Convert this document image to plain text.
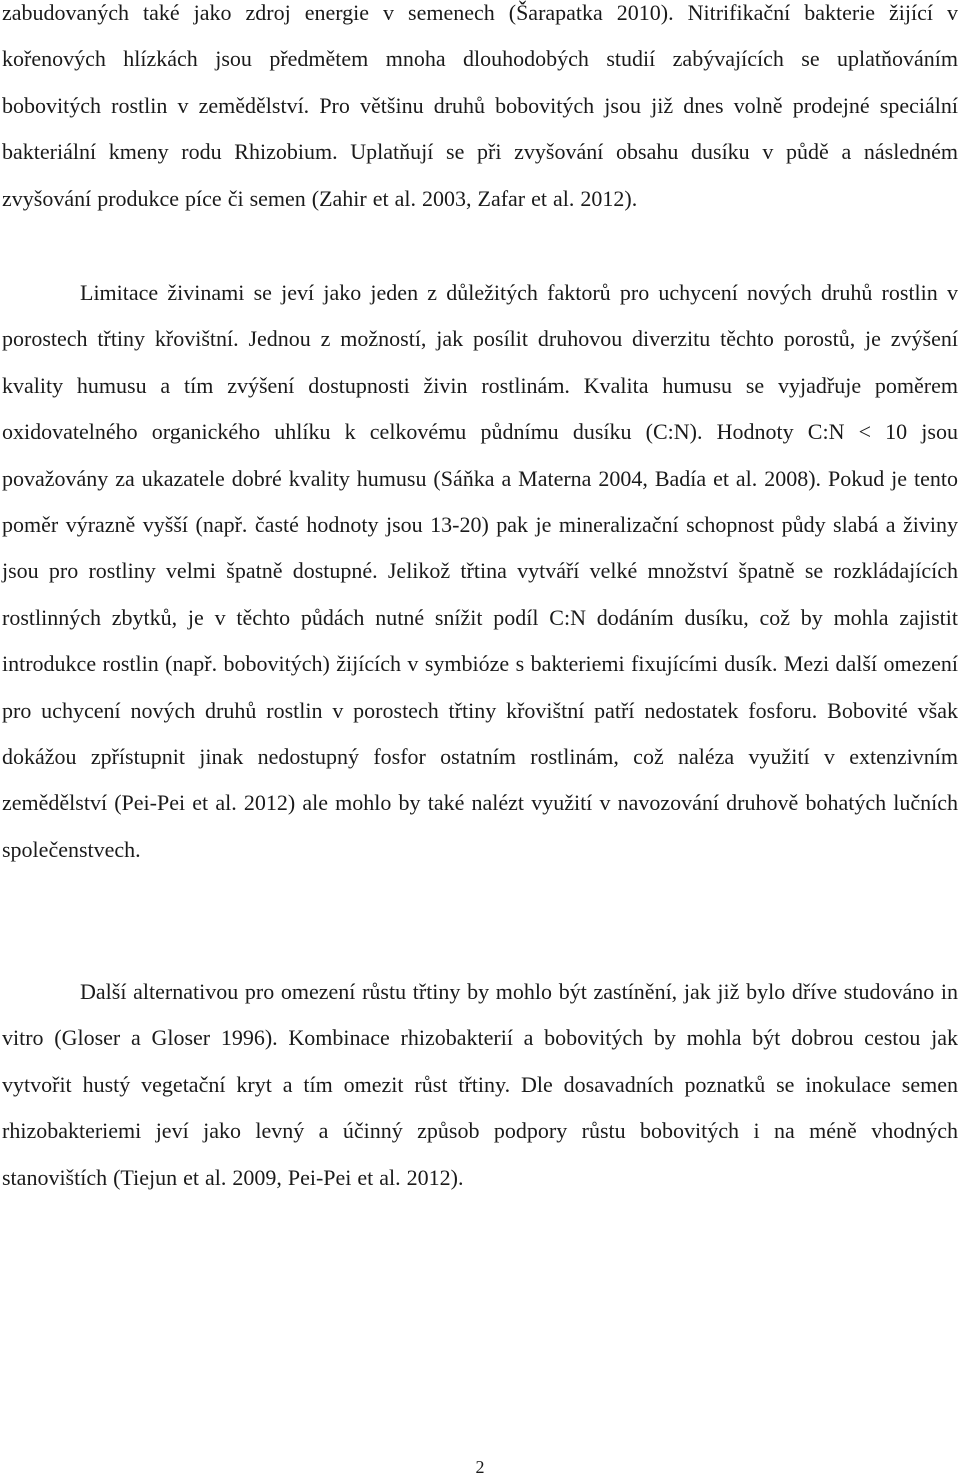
zabudovaných také jako zdroj energie v semenech (Šarapatka 2010). Nitrifikační bakterie žijící v kořenových hlízkách jsou předmětem mnoha dlouhodobých studií zabývajících se uplatňováním bobovitých rostlin v zemědělství. Pro většinu druhů bobovitých jsou již dnes volně prodejné speciální bakteriální kmeny rodu Rhizobium. Uplatňují se při zvyšování obsahu dusíku v půdě a následném zvyšování produkce píce či semen (Zahir et al. 2003, Zafar et al. 2012).

Limitace živinami se jeví jako jeden z důležitých faktorů pro uchycení nových druhů rostlin v porostech třtiny křovištní. Jednou z možností, jak posílit druhovou diverzitu těchto porostů, je zvýšení kvality humusu a tím zvýšení dostupnosti živin rostlinám. Kvalita humusu se vyjadřuje poměrem oxidovatelného organického uhlíku k celkovému půdnímu dusíku (C:N). Hodnoty C:N < 10 jsou považovány za ukazatele dobré kvality humusu (Sáňka a Materna 2004, Badía et al. 2008). Pokud je tento poměr výrazně vyšší (např. časté hodnoty jsou 13-20) pak je mineralizační schopnost půdy slabá a živiny jsou pro rostliny velmi špatně dostupné. Jelikož třtina vytváří velké množství špatně se rozkládajících rostlinných zbytků, je v těchto půdách nutné snížit podíl C:N dodáním dusíku, což by mohla zajistit introdukce rostlin (např. bobovitých) žijících v symbióze s bakteriemi fixujícími dusík. Mezi další omezení pro uchycení nových druhů rostlin v porostech třtiny křovištní patří nedostatek fosforu. Bobovité však dokážou zpřístupnit jinak nedostupný fosfor ostatním rostlinám, což naléza využití v extenzivním zemědělství (Pei-Pei et al. 2012) ale mohlo by také nalézt využití v navozování druhově bohatých lučních společenstvech.

Další alternativou pro omezení růstu třtiny by mohlo být zastínění, jak již bylo dříve studováno in vitro (Gloser a Gloser 1996). Kombinace rhizobakterií a bobovitých by mohla být dobrou cestou jak vytvořit hustý vegetační kryt a tím omezit růst třtiny. Dle dosavadních poznatků se inokulace semen rhizobakteriemi jeví jako levný a účinný způsob podpory růstu bobovitých i na méně vhodných stanovištích (Tiejun et al. 2009, Pei-Pei et al. 2012).

2
